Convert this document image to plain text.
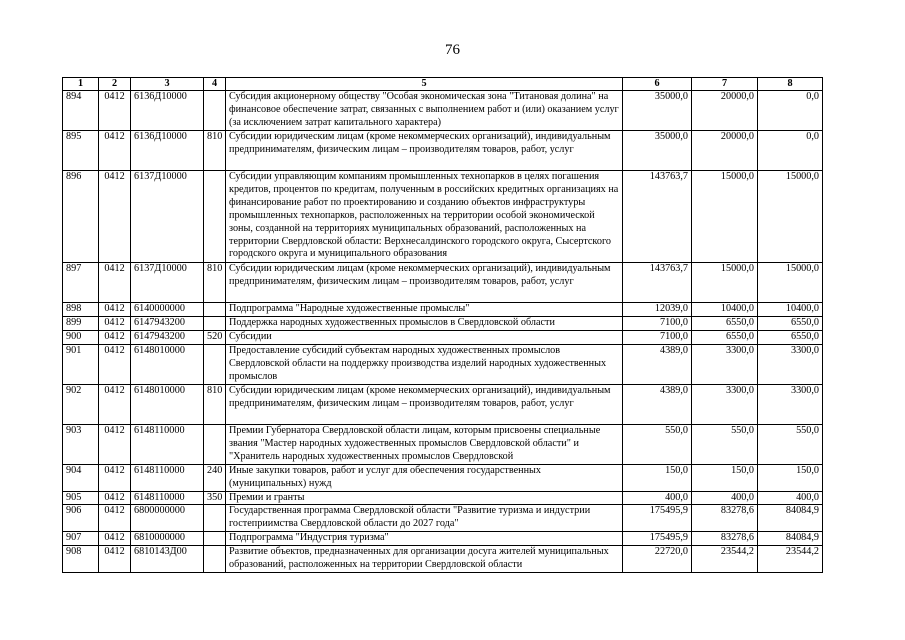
76
1	2	3	4	5	6	7	8
894	0412	6136Д10000		Субсидия акционерному обществу "Особая экономическая зона "Титановая долина" на финансовое обеспечение затрат, связанных с выполнением работ и (или) оказанием услуг (за исключением затрат капитального характера)	35000,0	20000,0	0,0
895	0412	6136Д10000	810	Субсидии юридическим лицам (кроме некоммерческих организаций), индивидуальным предпринимателям, физическим лицам – производителям товаров, работ, услуг	35000,0	20000,0	0,0
896	0412	6137Д10000		Субсидии управляющим компаниям промышленных технопарков в целях погашения кредитов, процентов по кредитам, полученным в российских кредитных организациях на финансирование работ по проектированию и созданию объектов инфраструктуры промышленных технопарков, расположенных на территории особой экономической зоны, созданной на территориях муниципальных образований, расположенных на территории Свердловской области: Верхнесалдинского городского округа, Сысертского городского округа и муниципального образования	143763,7	15000,0	15000,0
897	0412	6137Д10000	810	Субсидии юридическим лицам (кроме некоммерческих организаций), индивидуальным предпринимателям, физическим лицам – производителям товаров, работ, услуг	143763,7	15000,0	15000,0
898	0412	6140000000		Подпрограмма "Народные художественные промыслы"	12039,0	10400,0	10400,0
899	0412	6147943200		Поддержка народных художественных промыслов в Свердловской области	7100,0	6550,0	6550,0
900	0412	6147943200	520	Субсидии	7100,0	6550,0	6550,0
901	0412	6148010000		Предоставление субсидий субъектам народных художественных промыслов Свердловской области на поддержку производства изделий народных художественных промыслов	4389,0	3300,0	3300,0
902	0412	6148010000	810	Субсидии юридическим лицам (кроме некоммерческих организаций), индивидуальным предпринимателям, физическим лицам – производителям товаров, работ, услуг	4389,0	3300,0	3300,0
903	0412	6148110000		Премии Губернатора Свердловской области лицам, которым присвоены специальные звания "Мастер народных художественных промыслов Свердловской области" и "Хранитель народных художественных промыслов Свердловской	550,0	550,0	550,0
904	0412	6148110000	240	Иные закупки товаров, работ и услуг для обеспечения государственных (муниципальных) нужд	150,0	150,0	150,0
905	0412	6148110000	350	Премии и гранты	400,0	400,0	400,0
906	0412	6800000000		Государственная программа Свердловской области "Развитие туризма и индустрии гостеприимства Свердловской области до 2027 года"	175495,9	83278,6	84084,9
907	0412	6810000000		Подпрограмма "Индустрия туризма"	175495,9	83278,6	84084,9
908	0412	6810143Д00		Развитие объектов, предназначенных для организации досуга жителей муниципальных образований, расположенных на территории Свердловской области	22720,0	23544,2	23544,2
